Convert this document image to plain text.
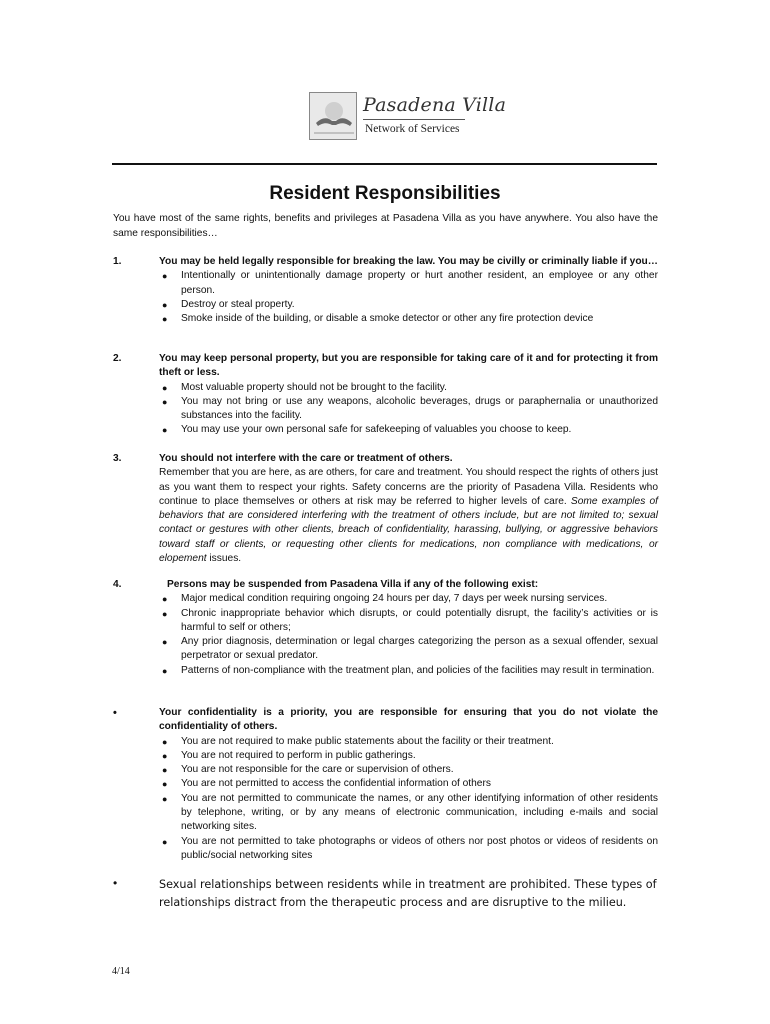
Pasadena Villa
Network of Services
Resident Responsibilities
You have most of the same rights, benefits and privileges at Pasadena Villa as you have anywhere. You also have the same responsibilities…
1.	You may be held legally responsible for breaking the law. You may be civilly or criminally liable if you…
● Intentionally or unintentionally damage property or hurt another resident, an employee or any other person.
● Destroy or steal property.
● Smoke inside of the building, or disable a smoke detector or other any fire protection device
2.	You may keep personal property, but you are responsible for taking care of it and for protecting it from theft or less.
● Most valuable property should not be brought to the facility.
● You may not bring or use any weapons, alcoholic beverages, drugs or paraphernalia or unauthorized substances into the facility.
● You may use your own personal safe for safekeeping of valuables you choose to keep.
3.	You should not interfere with the care or treatment of others.
Remember that you are here, as are others, for care and treatment. You should respect the rights of others just as you want them to respect your rights. Safety concerns are the priority of Pasadena Villa. Residents who continue to place themselves or others at risk may be referred to higher levels of care. Some examples of behaviors that are considered interfering with the treatment of others include, but are not limited to; sexual contact or gestures with other clients, breach of confidentiality, harassing, bullying, or aggressive behaviors toward staff or clients, or requesting other clients for medications, non compliance with medications, or elopement issues.
4.	Persons may be suspended from Pasadena Villa if any of the following exist:
● Major medical condition requiring ongoing 24 hours per day, 7 days per week nursing services.
● Chronic inappropriate behavior which disrupts, or could potentially disrupt, the facility’s activities or is harmful to self or others;
● Any prior diagnosis, determination or legal charges categorizing the person as a sexual offender, sexual perpetrator or sexual predator.
● Patterns of non-compliance with the treatment plan, and policies of the facilities may result in termination.
•	Your confidentiality is a priority, you are responsible for ensuring that you do not violate the confidentiality of others.
● You are not required to make public statements about the facility or their treatment.
● You are not required to perform in public gatherings.
● You are not responsible for the care or supervision of others.
● You are not permitted to access the confidential information of others
● You are not permitted to communicate the names, or any other identifying information of other residents by telephone, writing, or by any means of electronic communication, including e-mails and social networking sites.
● You are not permitted to take photographs or videos of others nor post photos or videos of residents on public/social networking sites
•	Sexual relationships between residents while in treatment are prohibited. These types of relationships distract from the therapeutic process and are disruptive to the milieu.
4/14
